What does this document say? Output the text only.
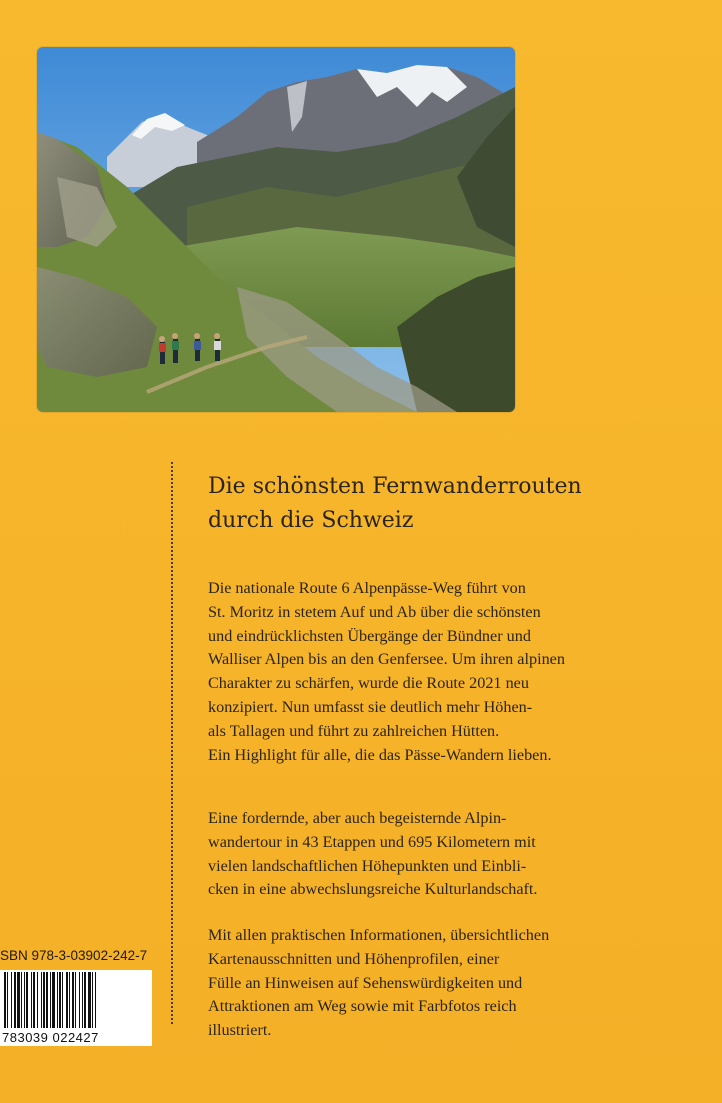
Die schönsten Fernwanderrouten
durch die Schweiz

Die nationale Route 6 Alpenpässe-Weg führt von
St. Moritz in stetem Auf und Ab über die schönsten
und eindrücklichsten Übergänge der Bündner und
Walliser Alpen bis an den Genfersee. Um ihren alpinen
Charakter zu schärfen, wurde die Route 2021 neu
konzipiert. Nun umfasst sie deutlich mehr Höhen-
als Tallagen und führt zu zahlreichen Hütten.
Ein Highlight für alle, die das Pässe-Wandern lieben.

Eine fordernde, aber auch begeisternde Alpin-
wandertour in 43 Etappen und 695 Kilometern mit
vielen landschaftlichen Höhepunkten und Einbli-
cken in eine abwechslungsreiche Kulturlandschaft.

Mit allen praktischen Informationen, übersichtlichen
Kartenausschnitten und Höhenprofilen, einer
Fülle an Hinweisen auf Sehenswürdigkeiten und
Attraktionen am Weg sowie mit Farbfotos reich
illustriert.

SBN 978-3-03902-242-7
783039 022427
